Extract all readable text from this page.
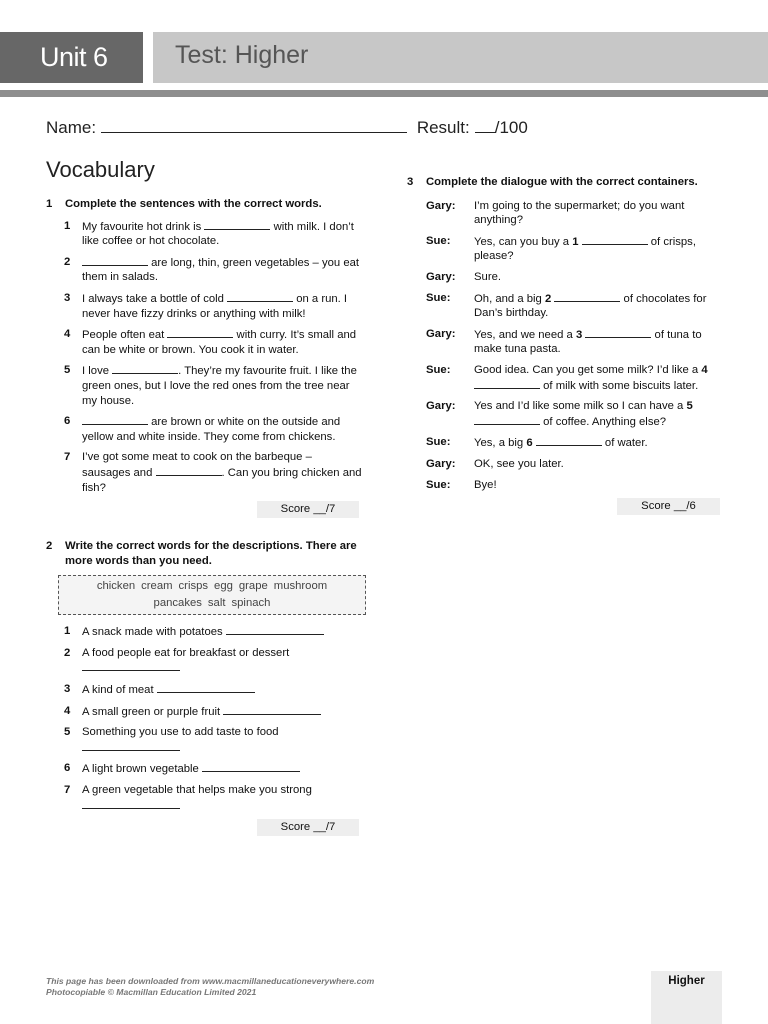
Unit 6	Test: Higher
Name:	Result: /100
Vocabulary
1	Complete the sentences with the correct words.
1	My favourite hot drink is	with milk. I don’t like coffee or hot chocolate.
2	are long, thin, green vegetables – you eat them in salads.
3	I always take a bottle of cold	on a run. I never have fizzy drinks or anything with milk!
4	People often eat	with curry. It’s small and can be white or brown. You cook it in water.
5	I love	. They’re my favourite fruit. I like the green ones, but I love the red ones from the tree near my house.
6	are brown or white on the outside and yellow and white inside. They come from chickens.
7	I’ve got some meat to cook on the barbeque – sausages and	. Can you bring chicken and fish?
Score __/7
2	Write the correct words for the descriptions. There are more words than you need.
chicken cream crisps egg grape mushroom
pancakes salt spinach
1	A snack made with potatoes
2	A food people eat for breakfast or dessert

3	A kind of meat
4	A small green or purple fruit
5	Something you use to add taste to food

6	A light brown vegetable
7	A green vegetable that helps make you strong

Score __/7
3	Complete the dialogue with the correct containers.
Gary:	I’m going to the supermarket; do you want anything?
Sue:	Yes, can you buy a 1	of crisps, please?
Gary:	Sure.
Sue:	Oh, and a big 2	of chocolates for Dan’s birthday.
Gary:	Yes, and we need a 3	of tuna to make tuna pasta.
Sue:	Good idea. Can you get some milk? I’d like a 4  of milk with some biscuits later.
Gary:	Yes and I’d like some milk so I can have a 5  of coffee. Anything else?
Sue:	Yes, a big 6	of water.
Gary:	OK, see you later.
Sue:	Bye!
Score __/6
This page has been downloaded from www.macmillaneducationeverywhere.com
Photocopiable © Macmillan Education Limited 2021
Higher
